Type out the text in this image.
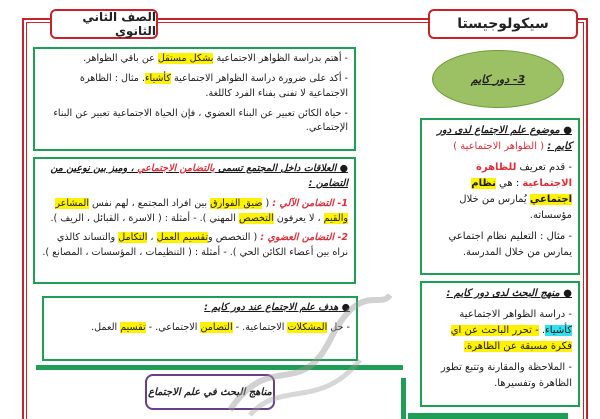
سيكولوجيستا
الصف الثاني الثانوي
3- دور كايم

- أهتم بدراسة الظواهر الاجتماعية بشكل مستقل عن باقي الظواهر.

- أكد على ضرورة دراسة الظواهر الاجتماعية كأشياء. مثال : الظاهرة الاجتماعية لا تفنى بفناء الفرد كاللغة.

- حياة الكائن تعبير عن البناء العضوي ، فإن الحياة الاجتماعية تعبير عن البناء الإجتماعي.

● العلاقات داخل المجتمع تسمى بالتضامن الاجتماعي ، وميز بين نوعين من التضامن :

1- التضامن الآلي : ( ضيق الفوارق بين افراد المجتمع ، لهم نفس المشاعر والقيم ، لا يعرفون التخصص المهني ). - أمثلة : ( الاسرة ، القبائل ، الريف ).

2- التضامن العضوي : ( التخصص وتقسيم العمل ، التكامل والتساند كالذي نراه بين أعضاء الكائن الحي ). - أمثلة : ( التنظيمات ، المؤسسات ، المصانع ).

● هدف علم الاجتماع عند دور كايم :

- حل المشكلات الاجتماعية. - التضامن الاجتماعي. - تقسيم العمل.

● موضوع علم الاجتماع لدى دور كايم : ( الظواهر الاجتماعية )

- قدم تعريف للظاهرة الاجتماعية : هي نظام اجتماعي يُمارس من خلال مؤسساته.

- مثال : التعليم نظام اجتماعي يمارس من خلال المدرسة.

● منهج البحث لدى دور كايم :

- دراسة الظواهر الاجتماعية كأشياء. - تحرر الباحث عن اي فكرة مسبقة عن الظاهرة.

- الملاحظة والمقارنة وتتبع تطور الظاهرة وتفسيرها.

مناهج البحث في علم الاجتماع
